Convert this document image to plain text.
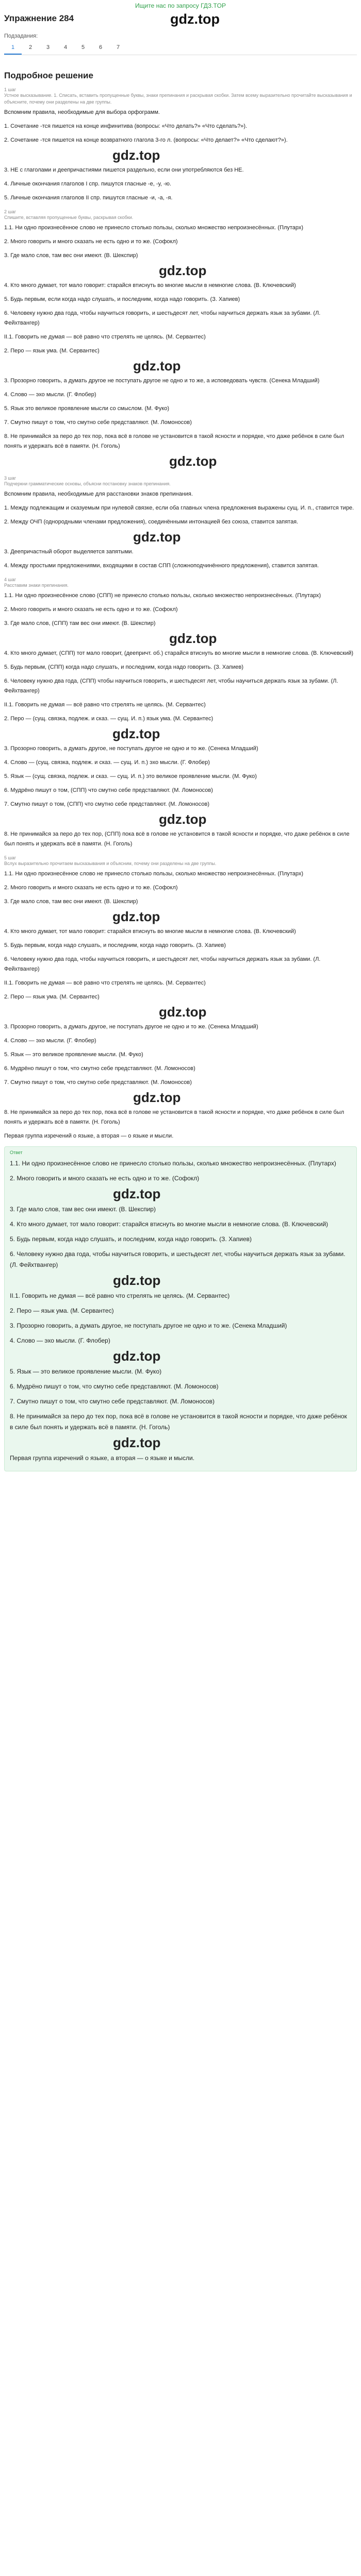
Ищите нас по запросу ГДЗ.TOP
Упражнение 284	gdz.top
Подзадания:
1	2	3	4	5	6	7
Подробное решение
1 шаг
Устное высказывание. 1. Списать, вставить пропущенные буквы, знаки препинания и раскрывая скобки. Затем всему выразительно прочитайте высказывания и объясните, почему они разделены на две группы.

Вспомним правила, необходимые для выбора орфограмм.

1. Сочетание -тся пишется на конце инфинитива (вопросы: «Что делать?» «Что сделать?»).

2. Сочетание -тся пишется на конце возвратного глагола 3-го л. (вопросы: «Что делает?» «Что сделают?»).

gdz.top

3. НЕ с глаголами и деепричастиями пишется раздельно, если они употребляются без НЕ.

4. Личные окончания глаголов I спр. пишутся гласные -е, -у, -ю.

5. Личные окончания глаголов II спр. пишутся гласные -и, -а, -я.

2 шаг
Спишите, вставляя пропущенные буквы, раскрывая скобки.

1.1. Ни одно произнесённое слово не принесло столько пользы, сколько множество непроизнесённых. (Плутарх)

2. Много говорить и много сказать не есть одно и то же. (Софокл)

3. Где мало слов, там вес они имеют. (В. Шекспир)

gdz.top

4. Кто много думает, тот мало говорит: старайся втиснуть во многие мысли в немногие слова. (В. Ключевский)

5. Будь первым, если когда надо слушать, и последним, когда надо говорить. (З. Хапиев)

6. Человеку нужно два года, чтобы научиться говорить, и шестьдесят лет, чтобы научиться держать язык за зубами. (Л. Фейхтвангер)

II.1. Говорить не думая — всё равно что стрелять не целясь. (М. Сервантес)

2. Перо — язык ума. (М. Сервантес)

gdz.top

3. Прозорно говорить, а думать другое не поступать другое не одно и то же, а исповедовать чувств. (Сенека Младший)

4. Слово — эхо мысли. (Г. Флобер)

5. Язык это великое проявление мысли со смыслом. (М. Фуко)

7. Смутно пишут о том, что смутно себе представляют. (М. Ломоносов)

8. Не принимайся за перо до тех пор, пока всё в голове не установится в такой ясности и порядке, что даже ребёнок в силе был понять и удержать всё в памяти. (Н. Гоголь)

gdz.top
3 шаг
Подчеркни грамматические основы, объясни постановку знаков препинания.

Вспомним правила, необходимые для расстановки знаков препинания.

1. Между подлежащим и сказуемым при нулевой связке, если оба главных члена предложения выражены сущ. И. п., ставится тире.

2. Между ОЧП (однородными членами предложения), соединёнными интонацией без союза, ставится запятая.

gdz.top

3. Деепричастный оборот выделяется запятыми.

4. Между простыми предложениями, входящими в состав СПП (сложноподчинённого предложения), ставится запятая.

4 шаг
Расставим знаки препинания.

1.1. Ни одно произнесённое слово (СПП) не принесло столько пользы, сколько множество непроизнесённых. (Плутарх)

2. Много говорить и много сказать не есть одно и то же. (Софокл)

3. Где мало слов, (СПП) там вес они имеют. (В. Шекспир)

gdz.top

4. Кто много думает, (СПП) тот мало говорит, (деепричт. об.) старайся втиснуть во многие мысли в немногие слова. (В. Ключевский)

5. Будь первым, (СПП) когда надо слушать, и последним, когда надо говорить. (З. Хапиев)

6. Человеку нужно два года, (СПП) чтобы научиться говорить, и шестьдесят лет, чтобы научиться держать язык за зубами. (Л. Фейхтвангер)

II.1. Говорить не думая — всё равно что стрелять не целясь. (М. Сервантес)

2. Перо — (сущ. связка, подлеж. и сказ. — сущ. И. п.) язык ума. (М. Сервантес)

gdz.top

3. Прозорно говорить, а думать другое, не поступать другое не одно и то же. (Сенека Младший)

4. Слово — (сущ. связка, подлеж. и сказ. — сущ. И. п.) эхо мысли. (Г. Флобер)

5. Язык — (сущ. связка, подлеж. и сказ. — сущ. И. п.) это великое проявление мысли. (М. Фуко)

6. Мудрёно пишут о том, (СПП) что смутно себе представляют. (М. Ломоносов)

7. Смутно пишут о том, (СПП) что смутно себе представляют. (М. Ломоносов)

gdz.top

8. Не принимайся за перо до тех пор, (СПП) пока всё в голове не установится в такой ясности и порядке, что даже ребёнок в силе был понять и удержать всё в памяти. (Н. Гоголь)

5 шаг
Вслух выразительно прочитаем высказывания и объясним, почему они разделены на две группы.

1.1. Ни одно произнесённое слово не принесло столько пользы, сколько множество непроизнесённых. (Плутарх)

2. Много говорить и много сказать не есть одно и то же. (Софокл)

3. Где мало слов, там вес они имеют. (В. Шекспир)

gdz.top

4. Кто много думает, тот мало говорит: старайся втиснуть во многие мысли в немногие слова. (В. Ключевский)

5. Будь первым, когда надо слушать, и последним, когда надо говорить. (З. Хапиев)

6. Человеку нужно два года, чтобы научиться говорить, и шестьдесят лет, чтобы научиться держать язык за зубами. (Л. Фейхтвангер)

II.1. Говорить не думая — всё равно что стрелять не целясь. (М. Сервантес)

2. Перо — язык ума. (М. Сервантес)

gdz.top

3. Прозорно говорить, а думать другое, не поступать другое не одно и то же. (Сенека Младший)

4. Слово — эхо мысли. (Г. Флобер)

5. Язык — это великое проявление мысли. (М. Фуко)

6. Мудрёно пишут о том, что смутно себе представляют. (М. Ломоносов)

7. Смутно пишут о том, что смутно себе представляют. (М. Ломоносов)

gdz.top

8. Не принимайся за перо до тех пор, пока всё в голове не установится в такой ясности и порядке, что даже ребёнок в силе был понять и удержать всё в памяти. (Н. Гоголь)

Первая группа изречений о языке, а вторая — о языке и мысли.

Ответ

1.1. Ни одно произнесённое слово не принесло столько пользы, сколько множество непроизнесённых. (Плутарх)

2. Много говорить и много сказать не есть одно и то же. (Софокл)

gdz.top

3. Где мало слов, там вес они имеют. (В. Шекспир)

4. Кто много думает, тот мало говорит: старайся втиснуть во многие мысли в немногие слова. (В. Ключевский)

5. Будь первым, когда надо слушать, и последним, когда надо говорить. (З. Хапиев)

6. Человеку нужно два года, чтобы научиться говорить, и шестьдесят лет, чтобы научиться держать язык за зубами. (Л. Фейхтвангер)

gdz.top

II.1. Говорить не думая — всё равно что стрелять не целясь. (М. Сервантес)

2. Перо — язык ума. (М. Сервантес)

3. Прозорно говорить, а думать другое, не поступать другое не одно и то же. (Сенека Младший)

4. Слово — эхо мысли. (Г. Флобер)

gdz.top

5. Язык — это великое проявление мысли. (М. Фуко)

6. Мудрёно пишут о том, что смутно себе представляют. (М. Ломоносов)

7. Смутно пишут о том, что смутно себе представляют. (М. Ломоносов)

8. Не принимайся за перо до тех пор, пока всё в голове не установится в такой ясности и порядке, что даже ребёнок в силе был понять и удержать всё в памяти. (Н. Гоголь)

gdz.top

Первая группа изречений о языке, а вторая — о языке и мысли.
